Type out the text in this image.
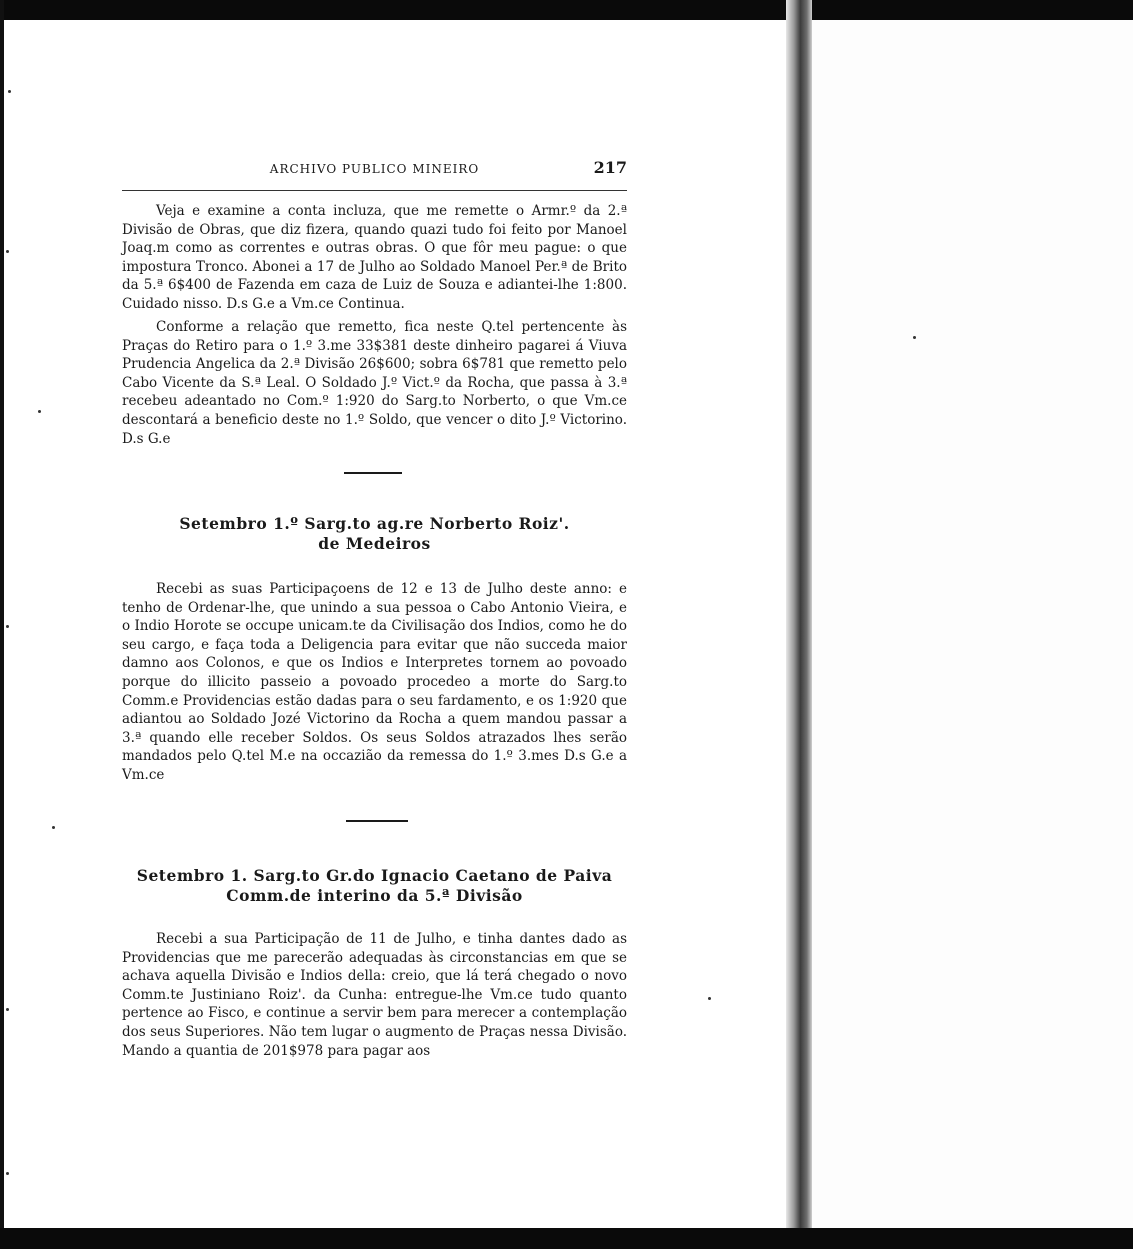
ARCHIVO PUBLICO MINEIRO	217

Veja e examine a conta incluza, que me remette o Armr.º da 2.ª Divisão de Obras, que diz fizera, quando quazi tudo foi feito por Manoel Joaq.m como as correntes e outras obras. O que fôr meu pague: o que impostura Tronco. Abonei a 17 de Julho ao Soldado Manoel Per.ª de Brito da 5.ª 6$400 de Fazenda em caza de Luiz de Souza e adiantei-lhe 1:800. Cuidado nisso. D.s G.e a Vm.ce Continua.

Conforme a relação que remetto, fica neste Q.tel pertencente às Praças do Retiro para o 1.º 3.me 33$381 deste dinheiro pagarei á Viuva Prudencia Angelica da 2.ª Divisão 26$600; sobra 6$781 que remetto pelo Cabo Vicente da S.ª Leal. O Soldado J.º Vict.º da Rocha, que passa à 3.ª recebeu adeantado no Com.º 1:920 do Sarg.to Norberto, o que Vm.ce descontará a beneficio deste no 1.º Soldo, que vencer o dito J.º Victorino. D.s G.e

Setembro 1.º Sarg.to ag.re Norberto Roiz'.
de Medeiros

Recebi as suas Participaçoens de 12 e 13 de Julho deste anno: e tenho de Ordenar-lhe, que unindo a sua pessoa o Cabo Antonio Vieira, e o Indio Horote se occupe unicam.te da Civilisação dos Indios, como he do seu cargo, e faça toda a Deligencia para evitar que não succeda maior damno aos Colonos, e que os Indios e Interpretes tornem ao povoado porque do illicito passeio a povoado procedeo a morte do Sarg.to Comm.e Providencias estão dadas para o seu fardamento, e os 1:920 que adiantou ao Soldado Jozé Victorino da Rocha a quem mandou passar a 3.ª quando elle receber Soldos. Os seus Soldos atrazados lhes serão mandados pelo Q.tel M.e na occazião da remessa do 1.º 3.mes D.s G.e a Vm.ce

Setembro 1. Sarg.to Gr.do Ignacio Caetano de Paiva
Comm.de interino da 5.ª Divisão

Recebi a sua Participação de 11 de Julho, e tinha dantes dado as Providencias que me parecerão adequadas às circonstancias em que se achava aquella Divisão e Indios della: creio, que lá terá chegado o novo Comm.te Justiniano Roiz'. da Cunha: entregue-lhe Vm.ce tudo quanto pertence ao Fisco, e continue a servir bem para merecer a contemplação dos seus Superiores. Não tem lugar o augmento de Praças nessa Divisão. Mando a quantia de 201$978 para pagar aos
